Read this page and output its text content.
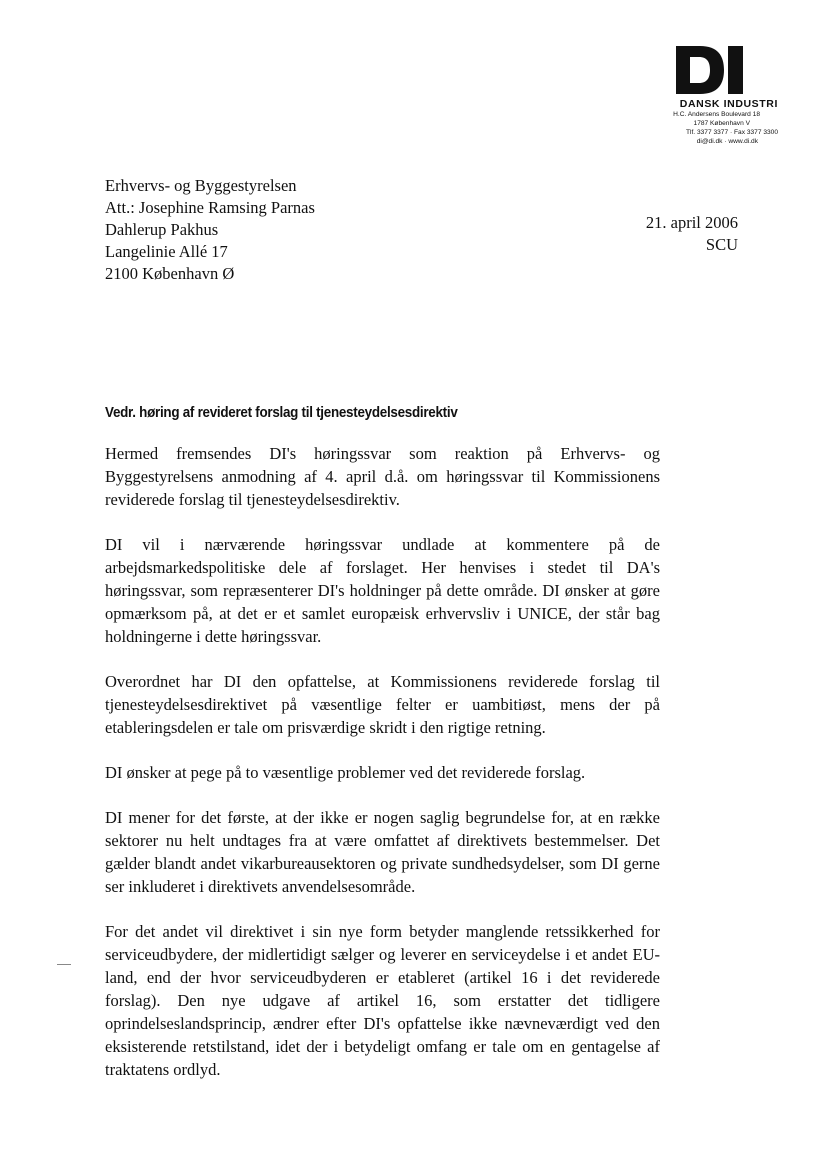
DANSK INDUSTRI
H.C. Andersens Boulevard 18
1787 København V
Tlf. 3377 3377 · Fax 3377 3300
di@di.dk · www.di.dk
Erhvervs- og Byggestyrelsen
Att.: Josephine Ramsing Parnas
Dahlerup Pakhus
Langelinie Allé 17
2100 København Ø
21. april 2006
SCU
Vedr. høring af revideret forslag til tjenesteydelsesdirektiv

Hermed fremsendes DI's høringssvar som reaktion på Erhvervs- og Byggestyrelsens anmodning af 4. april d.å. om høringssvar til Kommissionens reviderede forslag til tjenesteydelsesdirektiv.

DI vil i nærværende høringssvar undlade at kommentere på de arbejdsmarkedspolitiske dele af forslaget. Her henvises i stedet til DA's høringssvar, som repræsenterer DI's holdninger på dette område. DI ønsker at gøre opmærksom på, at det er et samlet europæisk erhvervsliv i UNICE, der står bag holdningerne i dette høringssvar.

Overordnet har DI den opfattelse, at Kommissionens reviderede forslag til tjenesteydelsesdirektivet på væsentlige felter er uambitiøst, mens der på etableringsdelen er tale om prisværdige skridt i den rigtige retning.

DI ønsker at pege på to væsentlige problemer ved det reviderede forslag.

DI mener for det første, at der ikke er nogen saglig begrundelse for, at en række sektorer nu helt undtages fra at være omfattet af direktivets bestemmelser. Det gælder blandt andet vikarbureausektoren og private sundhedsydelser, som DI gerne ser inkluderet i direktivets anvendelsesområde.

For det andet vil direktivet i sin nye form betyder manglende retssikkerhed for serviceudbydere, der midlertidigt sælger og leverer en serviceydelse i et andet EU-land, end der hvor serviceudbyderen er etableret (artikel 16 i det reviderede forslag). Den nye udgave af artikel 16, som erstatter det tidligere oprindelseslandsprincip, ændrer efter DI's opfattelse ikke nævneværdigt ved den eksisterende retstilstand, idet der i betydeligt omfang er tale om en gentagelse af traktatens ordlyd.
